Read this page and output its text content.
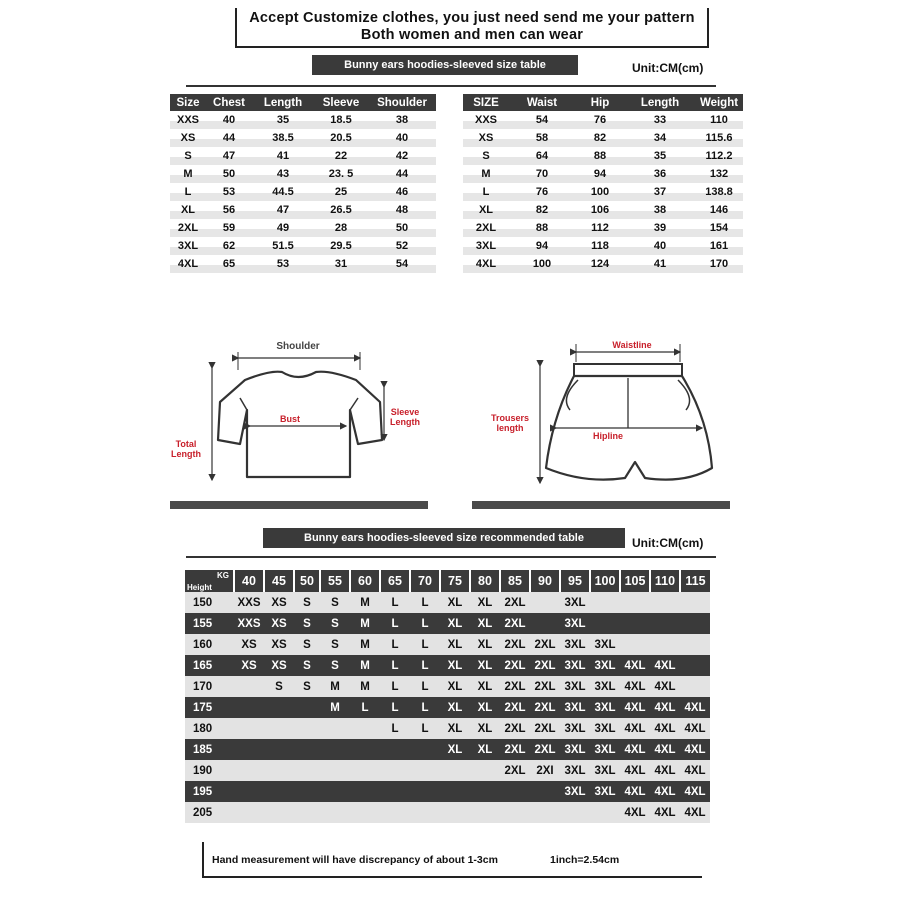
Accept Customize clothes, you just need send me your pattern
Both women and men can wear
Bunny ears hoodies-sleeved size table	Unit:CM(cm)
Size	Chest	Length	Sleeve	Shoulder
XXS	40	35	18.5	38
XS	44	38.5	20.5	40
S	47	41	22	42
M	50	43	23. 5	44
L	53	44.5	25	46
XL	56	47	26.5	48
2XL	59	49	28	50
3XL	62	51.5	29.5	52
4XL	65	53	31	54
SIZE	Waist	Hip	Length	Weight
XXS	54	76	33	110
XS	58	82	34	115.6
S	64	88	35	112.2
M	70	94	36	132
L	76	100	37	138.8
XL	82	106	38	146
2XL	88	112	39	154
3XL	94	118	40	161
4XL	100	124	41	170
Shoulder
Bust
Sleeve
Length
Total
Length
Waistline
Trousers
length
Hipline
Bunny ears hoodies-sleeved size recommended table	Unit:CM(cm)
KG
Height	40	45	50	55	60	65	70	75	80	85	90	95	100	105	110	115
150	XXS	XS	S	S	M	L	L	XL	XL	2XL		3XL				
155	XXS	XS	S	S	M	L	L	XL	XL	2XL		3XL				
160	XS	XS	S	S	M	L	L	XL	XL	2XL	2XL	3XL	3XL			
165	XS	XS	S	S	M	L	L	XL	XL	2XL	2XL	3XL	3XL	4XL	4XL	
170		S	S	M	M	L	L	XL	XL	2XL	2XL	3XL	3XL	4XL	4XL	
175				M	L	L	L	XL	XL	2XL	2XL	3XL	3XL	4XL	4XL	4XL
180						L	L	XL	XL	2XL	2XL	3XL	3XL	4XL	4XL	4XL
185								XL	XL	2XL	2XL	3XL	3XL	4XL	4XL	4XL
190										2XL	2XI	3XL	3XL	4XL	4XL	4XL
195												3XL	3XL	4XL	4XL	4XL
205														4XL	4XL	4XL
Hand measurement will have discrepancy of about 1-3cm	1inch=2.54cm
